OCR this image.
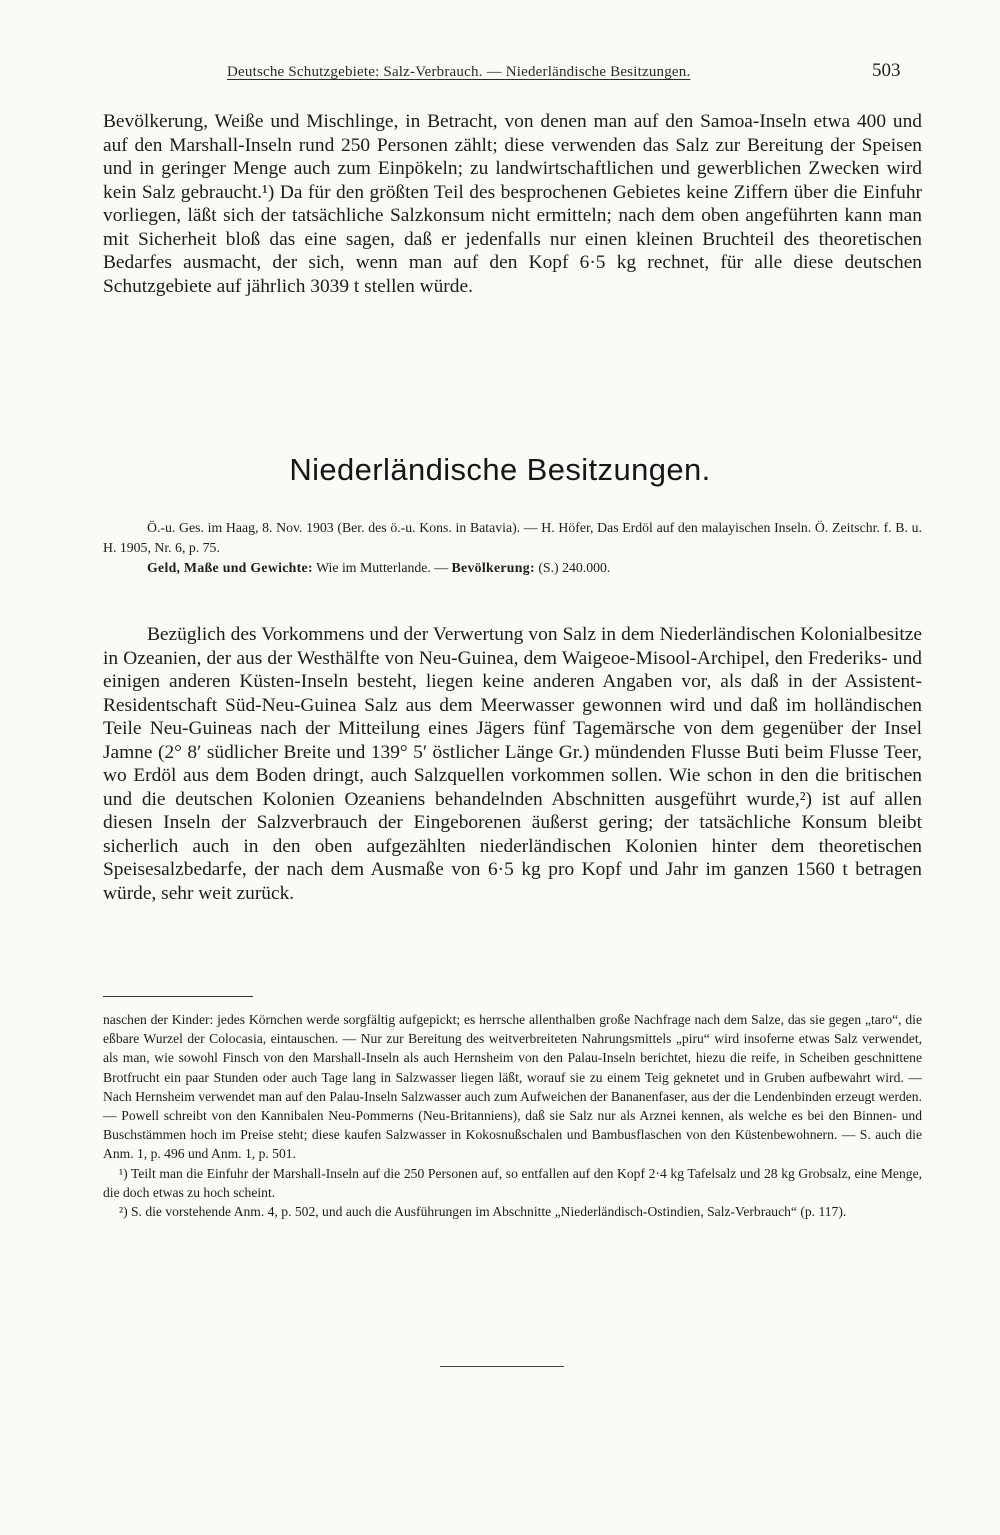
Deutsche Schutzgebiete: Salz-Verbrauch. — Niederländische Besitzungen.	503

Bevölkerung, Weiße und Mischlinge, in Betracht, von denen man auf den Samoa-Inseln etwa 400 und auf den Marshall-Inseln rund 250 Personen zählt; diese verwenden das Salz zur Bereitung der Speisen und in geringer Menge auch zum Einpökeln; zu landwirtschaftlichen und gewerblichen Zwecken wird kein Salz gebraucht.¹) Da für den größten Teil des besprochenen Gebietes keine Ziffern über die Einfuhr vorliegen, läßt sich der tatsächliche Salzkonsum nicht ermitteln; nach dem oben angeführten kann man mit Sicherheit bloß das eine sagen, daß er jedenfalls nur einen kleinen Bruchteil des theoretischen Bedarfes ausmacht, der sich, wenn man auf den Kopf 6·5 kg rechnet, für alle diese deutschen Schutzgebiete auf jährlich 3039 t stellen würde.

Niederländische Besitzungen.

Ö.-u. Ges. im Haag, 8. Nov. 1903 (Ber. des ö.-u. Kons. in Batavia). — H. Höfer, Das Erdöl auf den malayischen Inseln. Ö. Zeitschr. f. B. u. H. 1905, Nr. 6, p. 75.

Geld, Maße und Gewichte: Wie im Mutterlande. — Bevölkerung: (S.) 240.000.

Bezüglich des Vorkommens und der Verwertung von Salz in dem Niederländischen Kolonialbesitze in Ozeanien, der aus der Westhälfte von Neu-Guinea, dem Waigeoe-Misool-Archipel, den Frederiks- und einigen anderen Küsten-Inseln besteht, liegen keine anderen Angaben vor, als daß in der Assistent-Residentschaft Süd-Neu-Guinea Salz aus dem Meerwasser gewonnen wird und daß im holländischen Teile Neu-Guineas nach der Mitteilung eines Jägers fünf Tagemärsche von dem gegenüber der Insel Jamne (2° 8′ südlicher Breite und 139° 5′ östlicher Länge Gr.) mündenden Flusse Buti beim Flusse Teer, wo Erdöl aus dem Boden dringt, auch Salzquellen vorkommen sollen. Wie schon in den die britischen und die deutschen Kolonien Ozeaniens behandelnden Abschnitten ausgeführt wurde,²) ist auf allen diesen Inseln der Salzverbrauch der Eingeborenen äußerst gering; der tatsächliche Konsum bleibt sicherlich auch in den oben aufgezählten niederländischen Kolonien hinter dem theoretischen Speisesalzbedarfe, der nach dem Ausmaße von 6·5 kg pro Kopf und Jahr im ganzen 1560 t betragen würde, sehr weit zurück.

naschen der Kinder: jedes Körnchen werde sorgfältig aufgepickt; es herrsche allenthalben große Nachfrage nach dem Salze, das sie gegen „taro“, die eßbare Wurzel der Colocasia, eintauschen. — Nur zur Bereitung des weitverbreiteten Nahrungsmittels „piru“ wird insoferne etwas Salz verwendet, als man, wie sowohl Finsch von den Marshall-Inseln als auch Hernsheim von den Palau-Inseln berichtet, hiezu die reife, in Scheiben geschnittene Brotfrucht ein paar Stunden oder auch Tage lang in Salzwasser liegen läßt, worauf sie zu einem Teig geknetet und in Gruben aufbewahrt wird. — Nach Hernsheim verwendet man auf den Palau-Inseln Salzwasser auch zum Aufweichen der Bananenfaser, aus der die Lendenbinden erzeugt werden. — Powell schreibt von den Kannibalen Neu-Pommerns (Neu-Britanniens), daß sie Salz nur als Arznei kennen, als welche es bei den Binnen- und Buschstämmen hoch im Preise steht; diese kaufen Salzwasser in Kokosnußschalen und Bambusflaschen von den Küstenbewohnern. — S. auch die Anm. 1, p. 496 und Anm. 1, p. 501.

¹) Teilt man die Einfuhr der Marshall-Inseln auf die 250 Personen auf, so entfallen auf den Kopf 2·4 kg Tafelsalz und 28 kg Grobsalz, eine Menge, die doch etwas zu hoch scheint.

²) S. die vorstehende Anm. 4, p. 502, und auch die Ausführungen im Abschnitte „Niederländisch-Ostindien, Salz-Verbrauch“ (p. 117).
